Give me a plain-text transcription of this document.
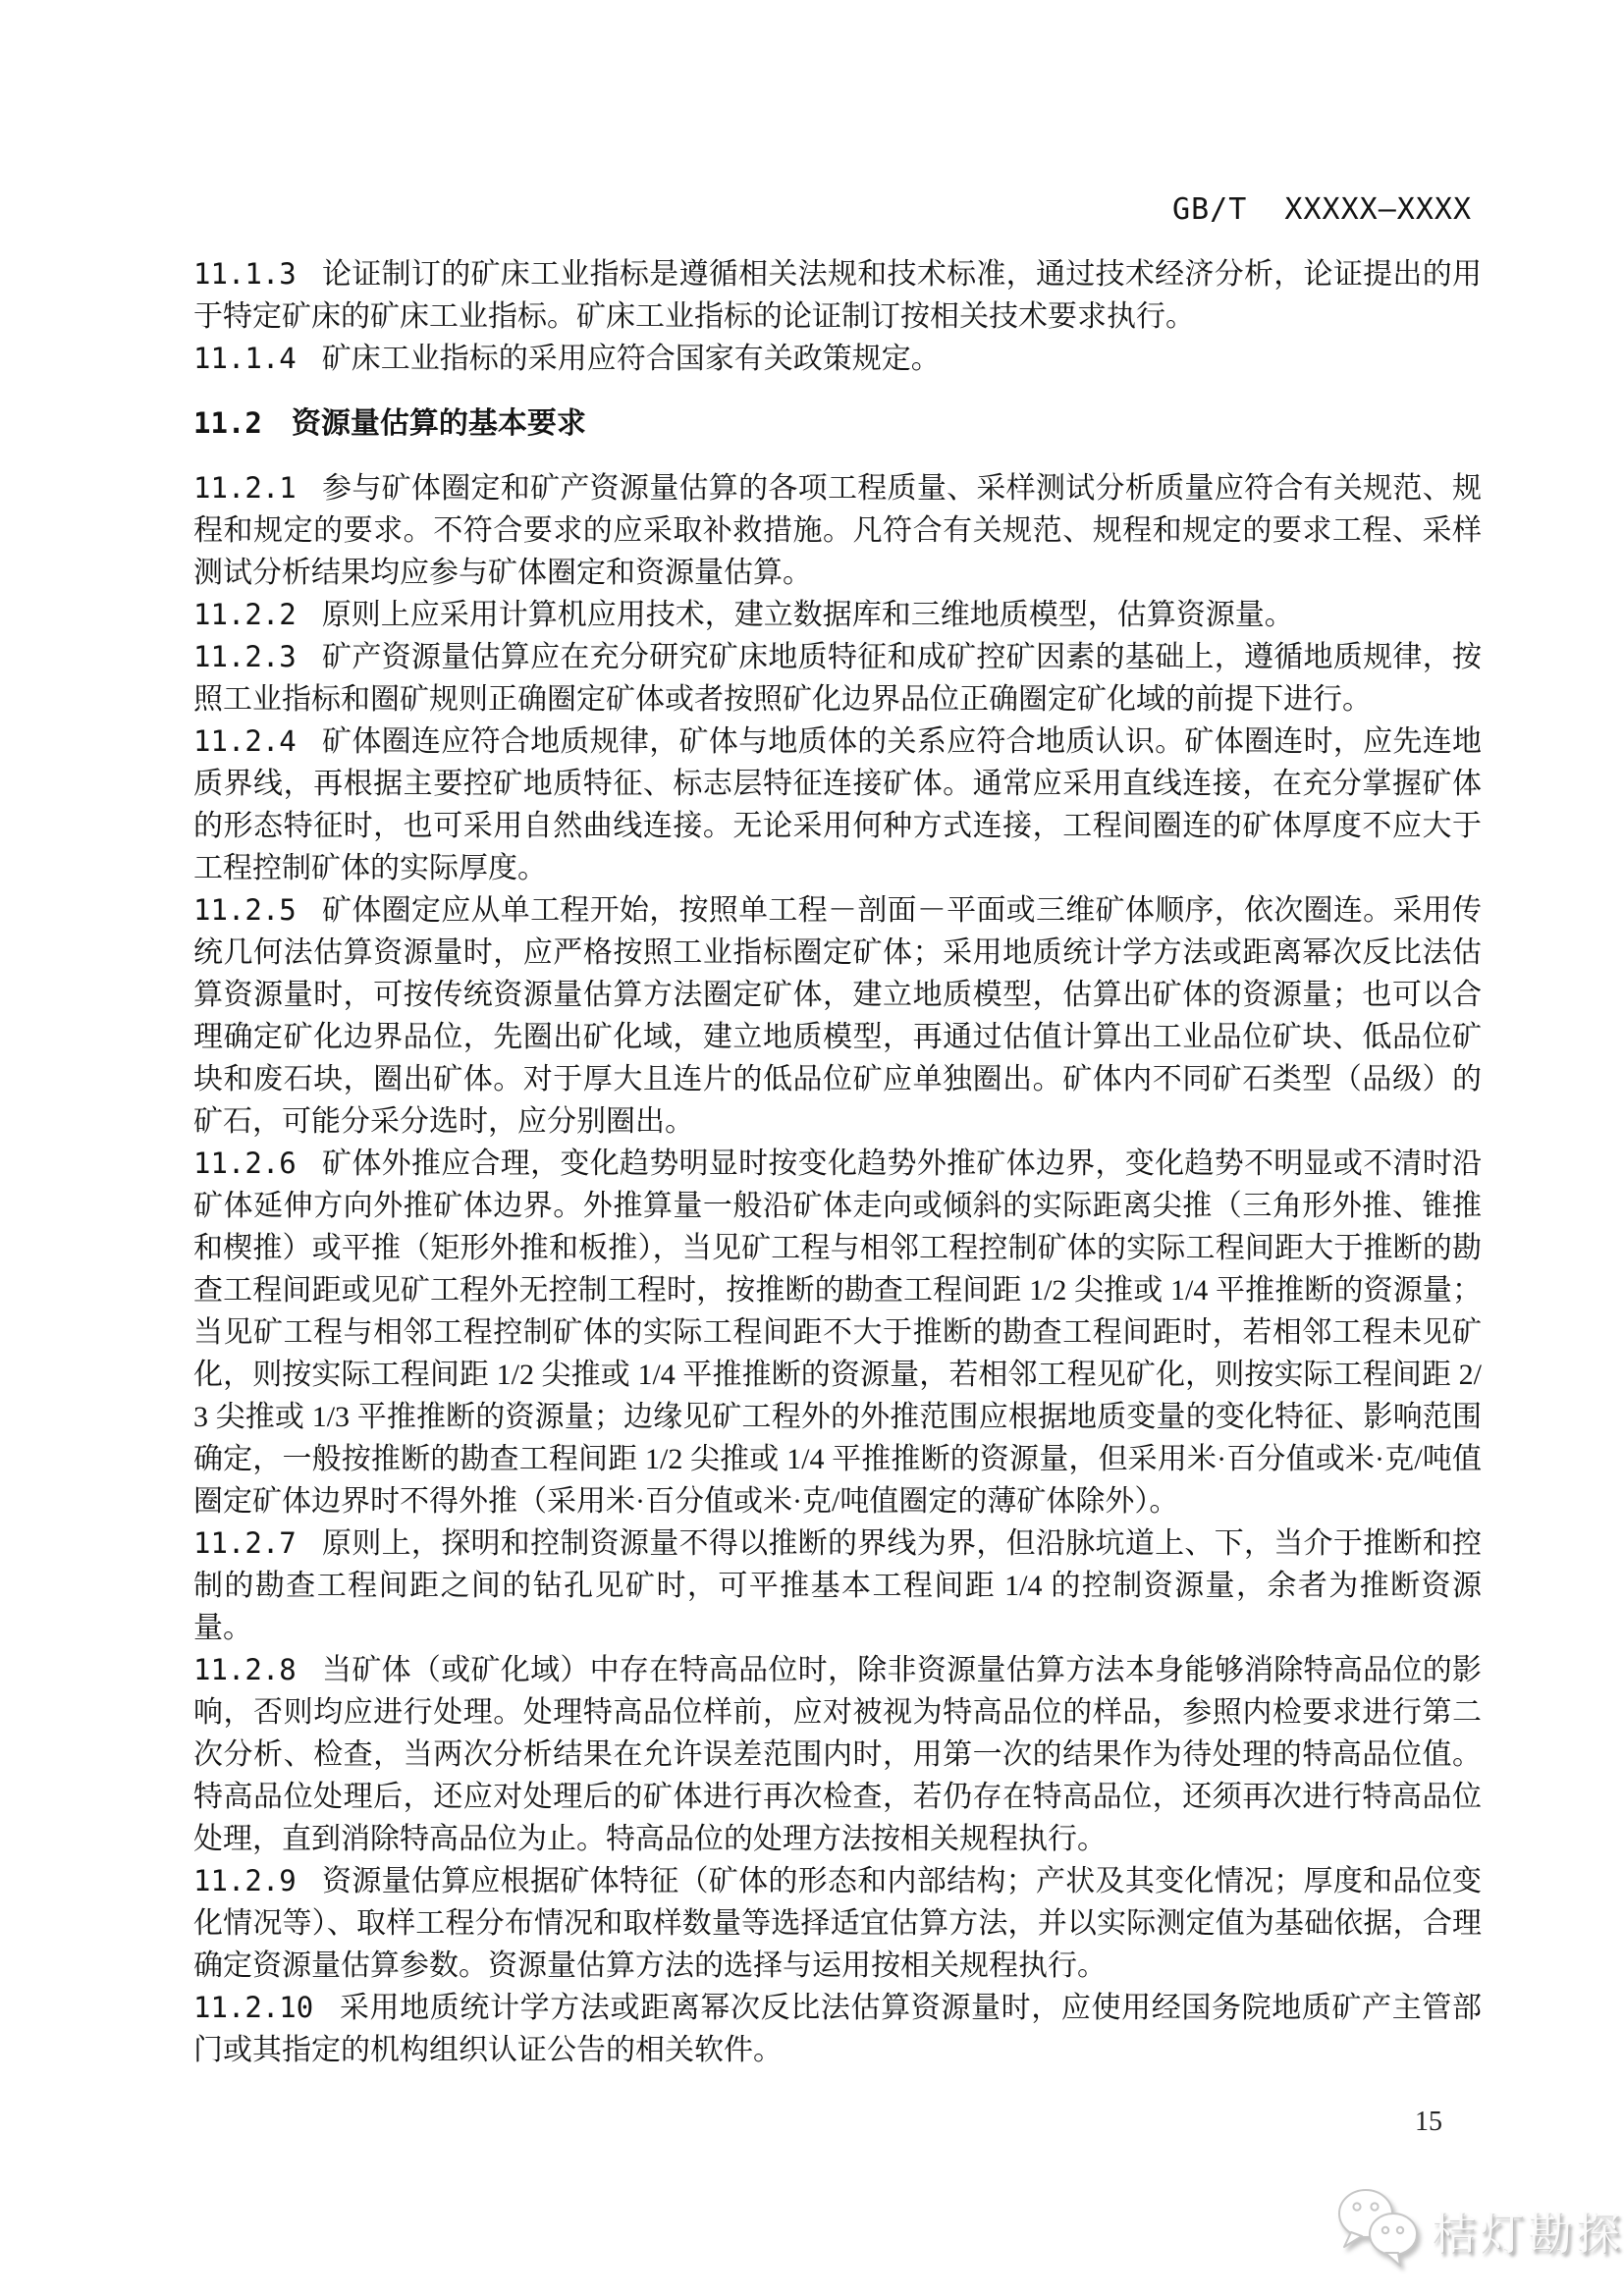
GB/T  XXXXX—XXXX

11.1.3 论证制订的矿床工业指标是遵循相关法规和技术标准，通过技术经济分析，论证提出的用于特定矿床的矿床工业指标。矿床工业指标的论证制订按相关技术要求执行。

11.1.4 矿床工业指标的采用应符合国家有关政策规定。

11.2 资源量估算的基本要求

11.2.1 参与矿体圈定和矿产资源量估算的各项工程质量、采样测试分析质量应符合有关规范、规程和规定的要求。不符合要求的应采取补救措施。凡符合有关规范、规程和规定的要求工程、采样测试分析结果均应参与矿体圈定和资源量估算。

11.2.2 原则上应采用计算机应用技术，建立数据库和三维地质模型，估算资源量。

11.2.3 矿产资源量估算应在充分研究矿床地质特征和成矿控矿因素的基础上，遵循地质规律，按照工业指标和圈矿规则正确圈定矿体或者按照矿化边界品位正确圈定矿化域的前提下进行。

11.2.4 矿体圈连应符合地质规律，矿体与地质体的关系应符合地质认识。矿体圈连时，应先连地质界线，再根据主要控矿地质特征、标志层特征连接矿体。通常应采用直线连接，在充分掌握矿体的形态特征时，也可采用自然曲线连接。无论采用何种方式连接，工程间圈连的矿体厚度不应大于工程控制矿体的实际厚度。

11.2.5 矿体圈定应从单工程开始，按照单工程－剖面－平面或三维矿体顺序，依次圈连。采用传统几何法估算资源量时，应严格按照工业指标圈定矿体；采用地质统计学方法或距离幂次反比法估算资源量时，可按传统资源量估算方法圈定矿体，建立地质模型，估算出矿体的资源量；也可以合理确定矿化边界品位，先圈出矿化域，建立地质模型，再通过估值计算出工业品位矿块、低品位矿块和废石块，圈出矿体。对于厚大且连片的低品位矿应单独圈出。矿体内不同矿石类型（品级）的矿石，可能分采分选时，应分别圈出。

11.2.6 矿体外推应合理，变化趋势明显时按变化趋势外推矿体边界，变化趋势不明显或不清时沿矿体延伸方向外推矿体边界。外推算量一般沿矿体走向或倾斜的实际距离尖推（三角形外推、锥推和楔推）或平推（矩形外推和板推），当见矿工程与相邻工程控制矿体的实际工程间距大于推断的勘查工程间距或见矿工程外无控制工程时，按推断的勘查工程间距 1/2 尖推或 1/4 平推推断的资源量；当见矿工程与相邻工程控制矿体的实际工程间距不大于推断的勘查工程间距时，若相邻工程未见矿化，则按实际工程间距 1/2 尖推或 1/4 平推推断的资源量，若相邻工程见矿化，则按实际工程间距 2/3 尖推或 1/3 平推推断的资源量；边缘见矿工程外的外推范围应根据地质变量的变化特征、影响范围确定，一般按推断的勘查工程间距 1/2 尖推或 1/4 平推推断的资源量，但采用米·百分值或米·克/吨值圈定矿体边界时不得外推（采用米·百分值或米·克/吨值圈定的薄矿体除外）。

11.2.7 原则上，探明和控制资源量不得以推断的界线为界，但沿脉坑道上、下，当介于推断和控制的勘查工程间距之间的钻孔见矿时，可平推基本工程间距 1/4 的控制资源量，余者为推断资源量。

11.2.8 当矿体（或矿化域）中存在特高品位时，除非资源量估算方法本身能够消除特高品位的影响，否则均应进行处理。处理特高品位样前，应对被视为特高品位的样品，参照内检要求进行第二次分析、检查，当两次分析结果在允许误差范围内时，用第一次的结果作为待处理的特高品位值。特高品位处理后，还应对处理后的矿体进行再次检查，若仍存在特高品位，还须再次进行特高品位处理，直到消除特高品位为止。特高品位的处理方法按相关规程执行。

11.2.9 资源量估算应根据矿体特征（矿体的形态和内部结构；产状及其变化情况；厚度和品位变化情况等）、取样工程分布情况和取样数量等选择适宜估算方法，并以实际测定值为基础依据，合理确定资源量估算参数。资源量估算方法的选择与运用按相关规程执行。

11.2.10 采用地质统计学方法或距离幂次反比法估算资源量时，应使用经国务院地质矿产主管部门或其指定的机构组织认证公告的相关软件。

15
桔灯勘探
